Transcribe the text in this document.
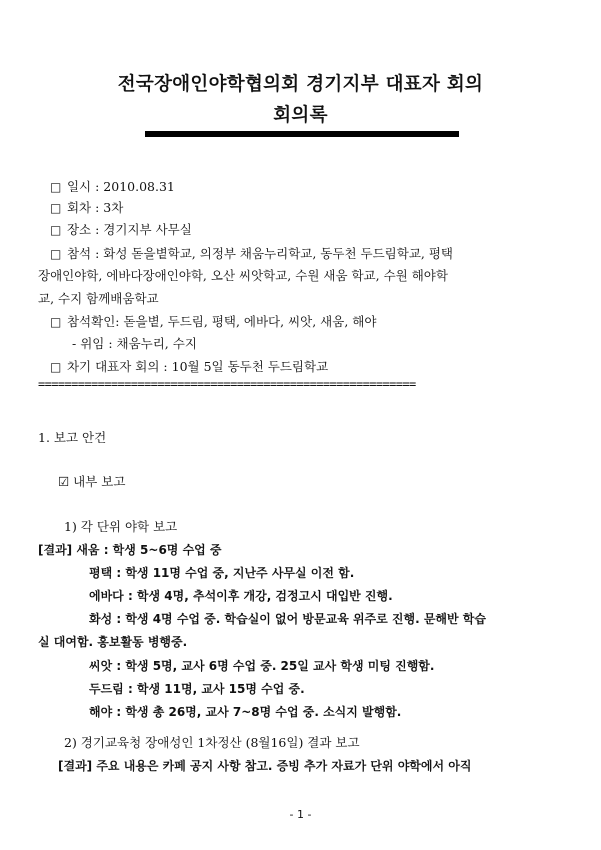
전국장애인야학협의회 경기지부 대표자 회의
회의록
□ 일시 : 2010.08.31
□ 회차 : 3차
□ 장소 : 경기지부 사무실
□ 참석 : 화성 돋을볕학교, 의정부 채움누리학교, 동두천 두드림학교, 평택
장애인야학, 에바다장애인야학, 오산 씨앗학교, 수원 새움 학교, 수원 해야학
교, 수지 함께배움학교
□ 참석확인: 돋을볕, 두드림, 평택, 에바다, 씨앗, 새움, 해야
- 위임 : 채움누리, 수지
□ 차기 대표자 회의 : 10월 5일 동두천 두드림학교
=========================================================
1. 보고 안건
☑ 내부 보고
1) 각 단위 야학 보고
[결과] 새움 : 학생 5~6명 수업 중
평택 : 학생 11명 수업 중, 지난주 사무실 이전 함.
에바다 : 학생 4명, 추석이후 개강, 검정고시 대입반 진행.
화성 : 학생 4명 수업 중. 학습실이 없어 방문교육 위주로 진행. 문해반 학습
실 대여함. 홍보활동 병행중.
씨앗 : 학생 5명, 교사 6명 수업 중. 25일 교사 학생 미팅 진행함.
두드림 : 학생 11명, 교사 15명 수업 중.
해야 : 학생 총 26명, 교사 7~8명 수업 중. 소식지 발행함.
2) 경기교육청 장애성인 1차정산 (8월16일) 결과 보고
[결과] 주요 내용은 카페 공지 사항 참고. 증빙 추가 자료가 단위 야학에서 아직
- 1 -
